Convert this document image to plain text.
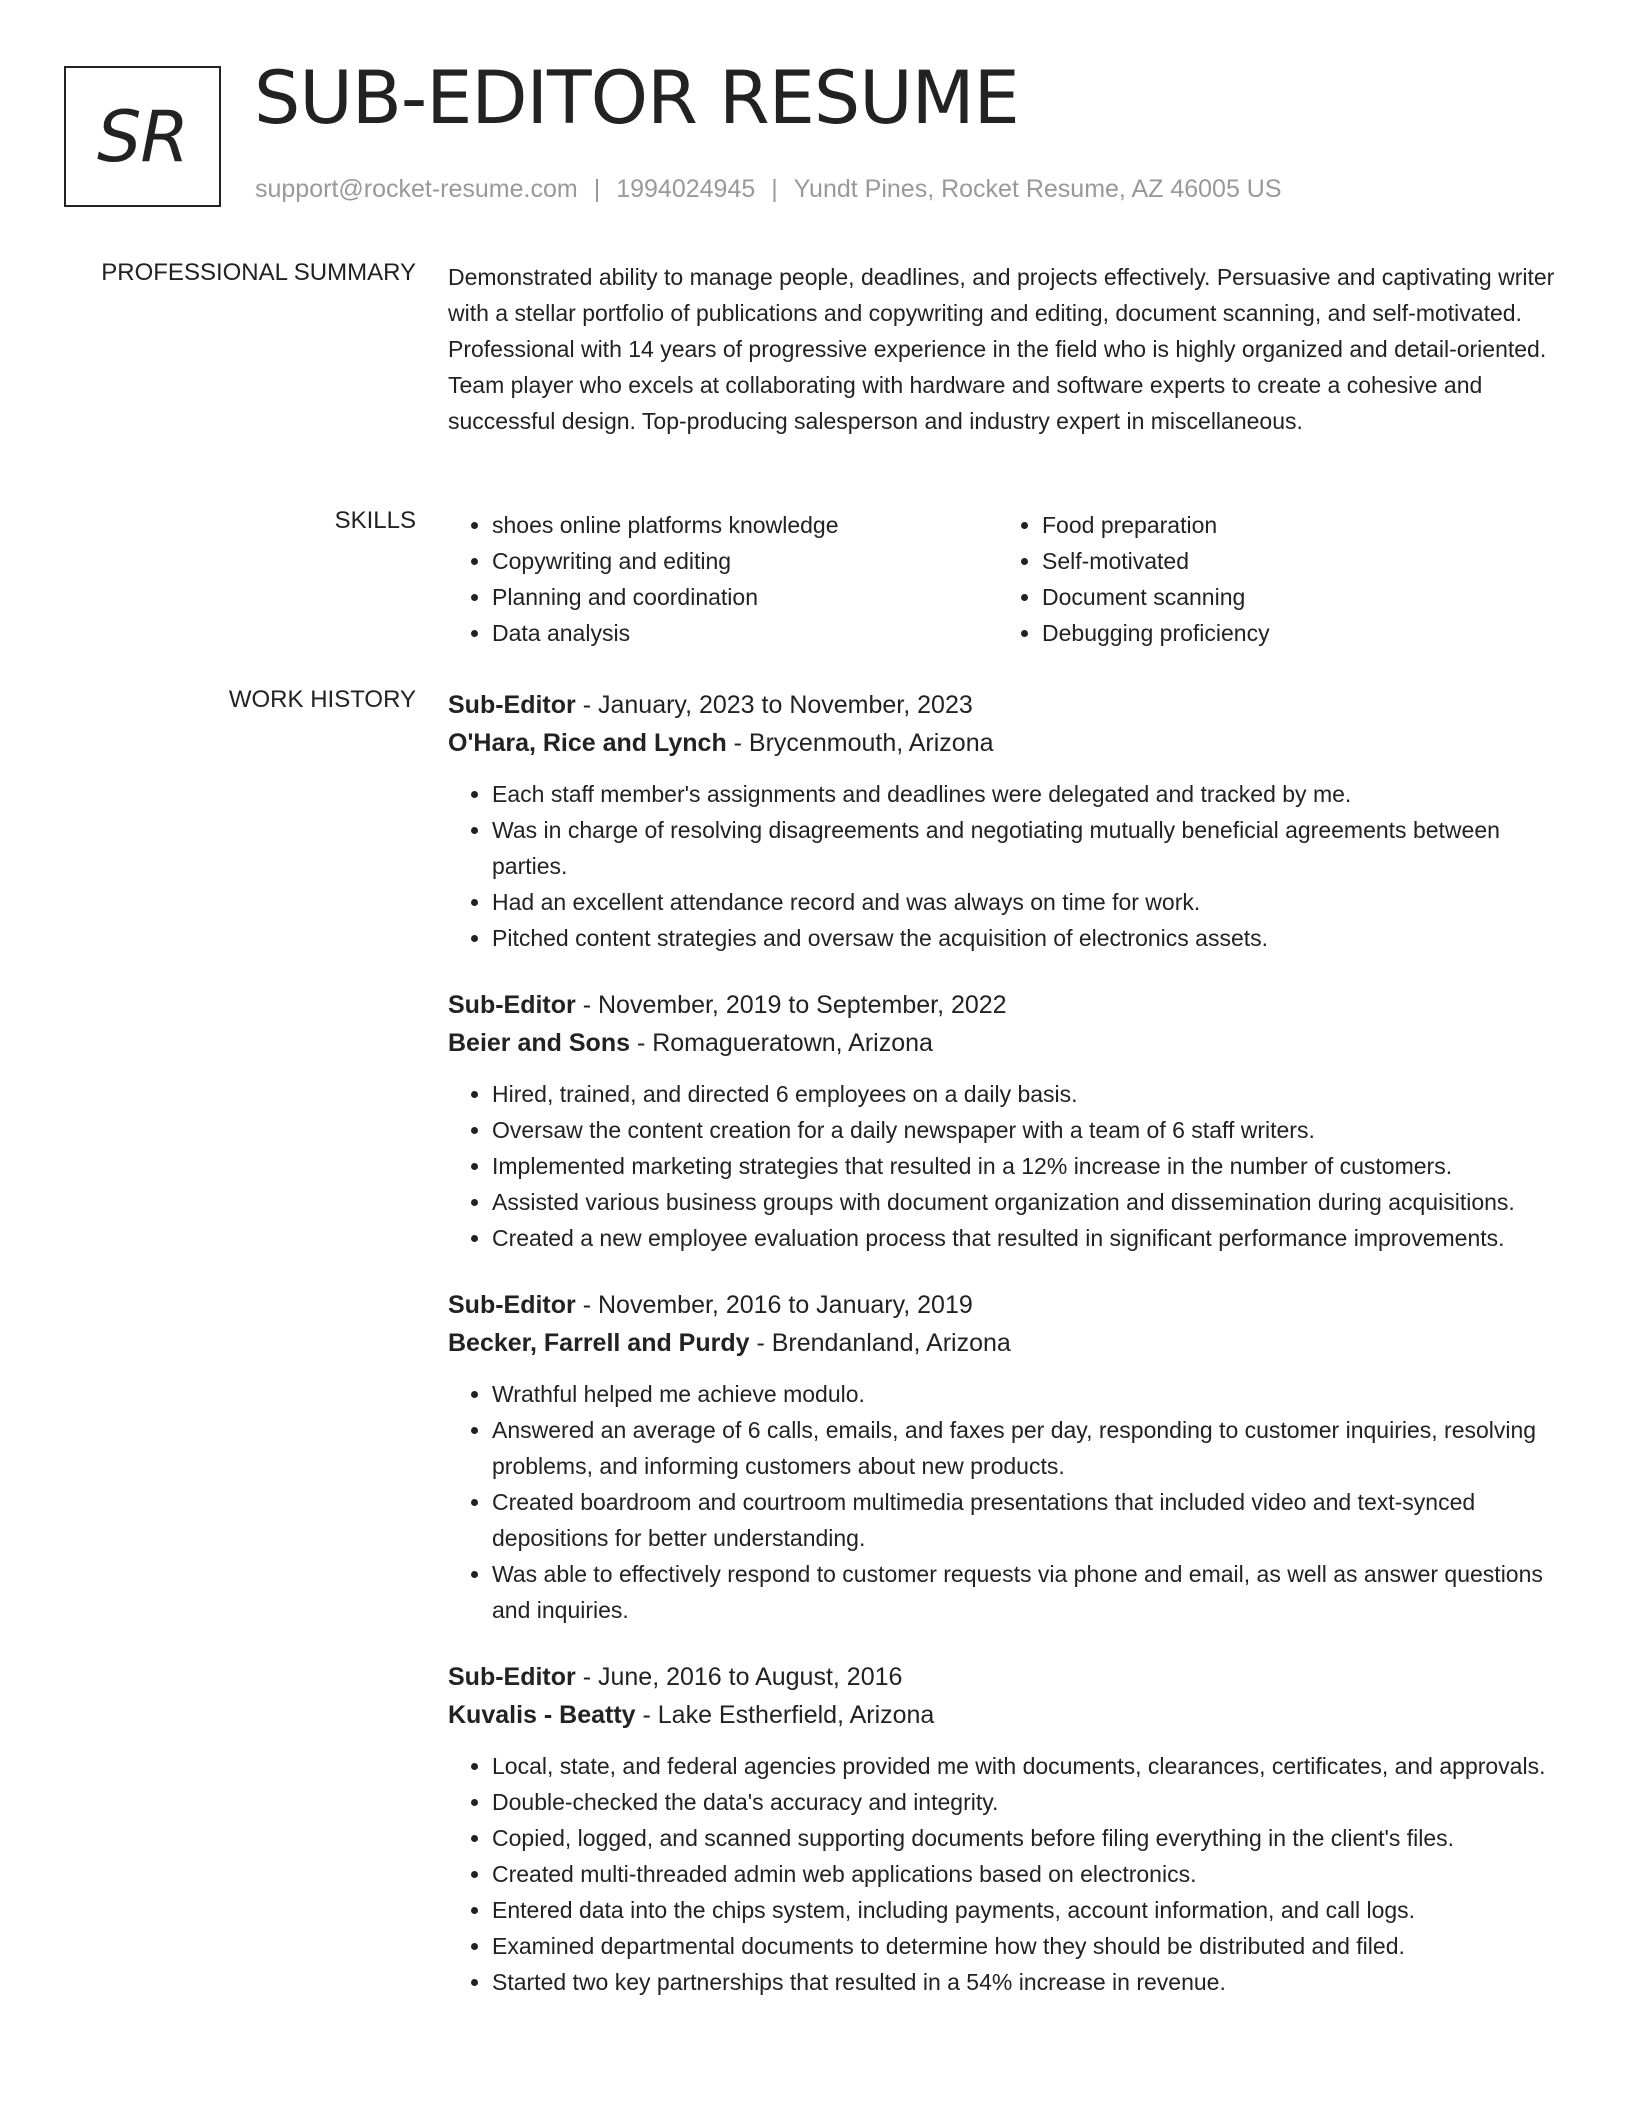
SR SUB-EDITOR RESUME
support@rocket-resume.com | 1994024945 | Yundt Pines, Rocket Resume, AZ 46005 US
PROFESSIONAL SUMMARY Demonstrated ability to manage people, deadlines, and projects effectively. Persuasive and captivating writer with a stellar portfolio of publications and copywriting and editing, document scanning, and self-motivated. Professional with 14 years of progressive experience in the field who is highly organized and detail-oriented. Team player who excels at collaborating with hardware and software experts to create a cohesive and successful design. Top-producing salesperson and industry expert in miscellaneous.

SKILLS
•	shoes online platforms knowledge
• Copywriting and editing
• Planning and coordination
• Data analysis
• Food preparation
• Self-motivated
• Document scanning
• Debugging proficiency
WORK HISTORY Sub-Editor - January, 2023 to November, 2023
O'Hara, Rice and Lynch - Brycenmouth, Arizona
• Each staff member's assignments and deadlines were delegated and tracked by me.
• Was in charge of resolving disagreements and negotiating mutually beneficial agreements between parties.
• Had an excellent attendance record and was always on time for work.
• Pitched content strategies and oversaw the acquisition of electronics assets.
Sub-Editor - November, 2019 to September, 2022
Beier and Sons - Romagueratown, Arizona
• Hired, trained, and directed 6 employees on a daily basis.
• Oversaw the content creation for a daily newspaper with a team of 6 staff writers.
• Implemented marketing strategies that resulted in a 12% increase in the number of customers.
• Assisted various business groups with document organization and dissemination during acquisitions.
• Created a new employee evaluation process that resulted in significant performance improvements.
Sub-Editor - November, 2016 to January, 2019
Becker, Farrell and Purdy - Brendanland, Arizona
• Wrathful helped me achieve modulo.
• Answered an average of 6 calls, emails, and faxes per day, responding to customer inquiries, resolving problems, and informing customers about new products.
• Created boardroom and courtroom multimedia presentations that included video and text-synced depositions for better understanding.
• Was able to effectively respond to customer requests via phone and email, as well as answer questions and inquiries.
Sub-Editor - June, 2016 to August, 2016
Kuvalis - Beatty - Lake Estherfield, Arizona
• Local, state, and federal agencies provided me with documents, clearances, certificates, and approvals.
• Double-checked the data's accuracy and integrity.
• Copied, logged, and scanned supporting documents before filing everything in the client's files.
• Created multi-threaded admin web applications based on electronics.
• Entered data into the chips system, including payments, account information, and call logs.
• Examined departmental documents to determine how they should be distributed and filed.
• Started two key partnerships that resulted in a 54% increase in revenue.
